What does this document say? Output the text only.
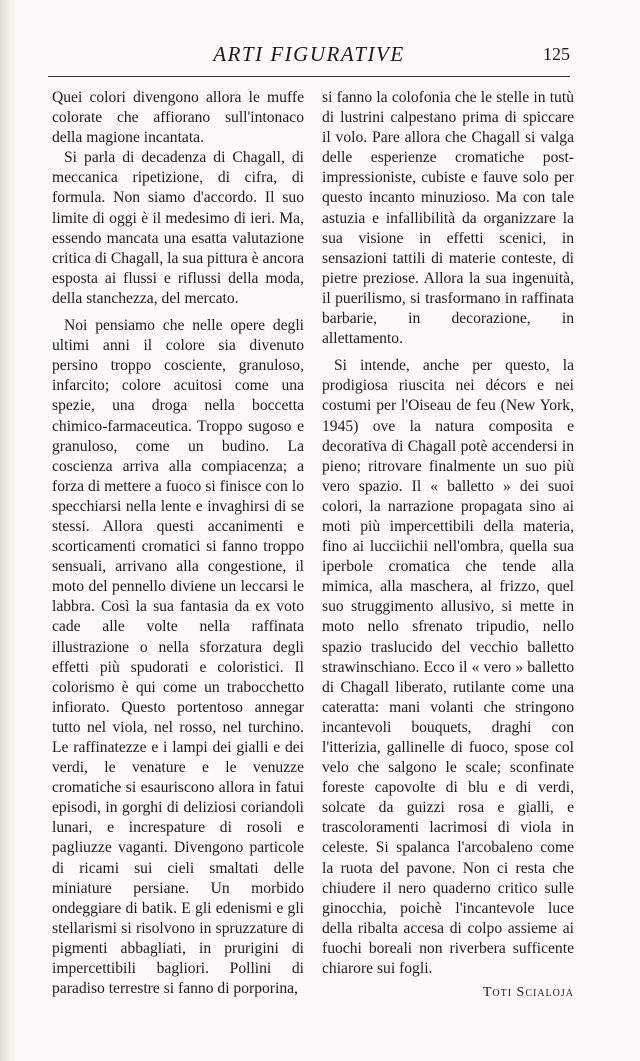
ARTI FIGURATIVE	125

Quei colori divengono allora le muffe colorate che affiorano sull'intonaco della magione incantata.

Si parla di decadenza di Chagall, di meccanica ripetizione, di cifra, di formula. Non siamo d'accordo. Il suo limite di oggi è il medesimo di ieri. Ma, essendo mancata una esatta valutazione critica di Chagall, la sua pittura è ancora esposta ai flussi e riflussi della moda, della stanchezza, del mercato.

Noi pensiamo che nelle opere degli ultimi anni il colore sia divenuto persino troppo cosciente, granuloso, infarcito; colore acuitosi come una spezie, una droga nella boccetta chimico-farmaceutica. Troppo sugoso e granuloso, come un budino. La coscienza arriva alla compiacenza; a forza di mettere a fuoco si finisce con lo specchiarsi nella lente e invaghirsi di se stessi. Allora questi accanimenti e scorticamenti cromatici si fanno troppo sensuali, arrivano alla congestione, il moto del pennello diviene un leccarsi le labbra. Così la sua fantasia da ex voto cade alle volte nella raffinata illustrazione o nella sforzatura degli effetti più spudorati e coloristici. Il colorismo è qui come un trabocchetto infiorato. Questo portentoso annegar tutto nel viola, nel rosso, nel turchino. Le raffinatezze e i lampi dei gialli e dei verdi, le venature e le venuzze cromatiche si esauriscono allora in fatui episodi, in gorghi di deliziosi coriandoli lunari, e increspature di rosoli e pagliuzze vaganti. Divengono particole di ricami sui cieli smaltati delle miniature persiane. Un morbido ondeggiare di batik. E gli edenismi e gli stellarismi si risolvono in spruzzature di pigmenti abbagliati, in prurigini di impercettibili bagliori. Pollini di paradiso terrestre si fanno di porporina,

si fanno la colofonia che le stelle in tutù di lustrini calpestano prima di spiccare il volo. Pare allora che Chagall si valga delle esperienze cromatiche post-impressioniste, cubiste e fauve solo per questo incanto minuzioso. Ma con tale astuzia e infallibilità da organizzare la sua visione in effetti scenici, in sensazioni tattili di materie conteste, di pietre preziose. Allora la sua ingenuità, il puerilismo, si trasformano in raffinata barbarie, in decorazione, in allettamento.

Si intende, anche per questo, la prodigiosa riuscita nei décors e nei costumi per l'Oiseau de feu (New York, 1945) ove la natura composita e decorativa di Chagall potè accendersi in pieno; ritrovare finalmente un suo più vero spazio. Il « balletto » dei suoi colori, la narrazione propagata sino ai moti più impercettibili della materia, fino ai lucciichii nell'ombra, quella sua iperbole cromatica che tende alla mimica, alla maschera, al frizzo, quel suo struggimento allusivo, si mette in moto nello sfrenato tripudio, nello spazio traslucido del vecchio balletto strawinschiano. Ecco il « vero » balletto di Chagall liberato, rutilante come una cateratta: mani volanti che stringono incantevoli bouquets, draghi con l'itterizia, gallinelle di fuoco, spose col velo che salgono le scale; sconfinate foreste capovolte di blu e di verdi, solcate da guizzi rosa e gialli, e trascoloramenti lacrimosi di viola in celeste. Si spalanca l'arcobaleno come la ruota del pavone. Non ci resta che chiudere il nero quaderno critico sulle ginocchia, poichè l'incantevole luce della ribalta accesa di colpo assieme ai fuochi boreali non riverbera sufficente chiarore sui fogli.

Toti Scialoja
